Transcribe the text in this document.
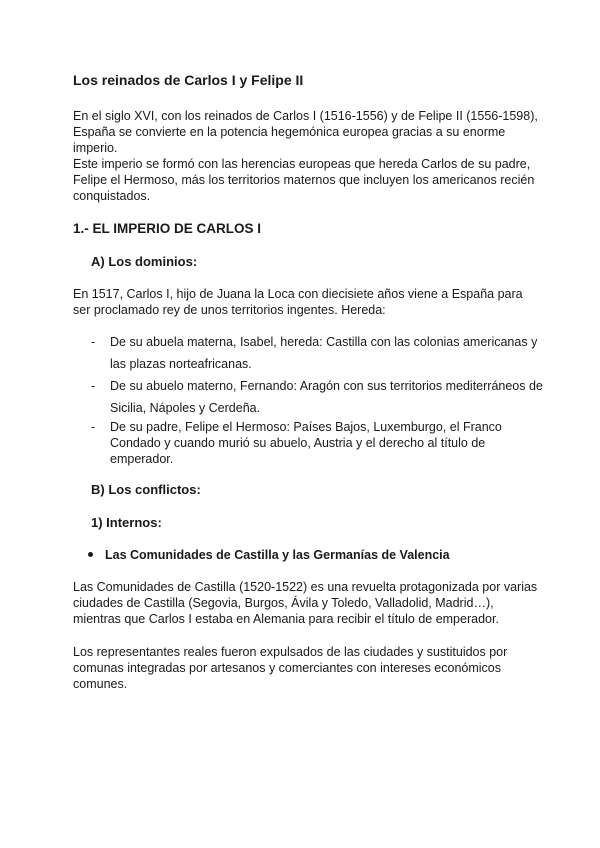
Los reinados de Carlos I y Felipe II

En el siglo XVI, con los reinados de Carlos I (1516-1556) y de Felipe II (1556-1598), España se convierte en la potencia hegemónica europea gracias a su enorme imperio.

Este imperio se formó con las herencias europeas que hereda Carlos de su padre, Felipe el Hermoso, más los territorios maternos que incluyen los americanos recién conquistados.

1.- EL IMPERIO DE CARLOS I
A) Los dominios:

En 1517, Carlos I, hijo de Juana la Loca con diecisiete años viene a España para ser proclamado rey de unos territorios ingentes. Hereda:

- De su abuela materna, Isabel, hereda: Castilla con las colonias americanas y las plazas norteafricanas.
- De su abuelo materno, Fernando: Aragón con sus territorios mediterráneos de Sicilia, Nápoles y Cerdeña.
- De su padre, Felipe el Hermoso: Países Bajos, Luxemburgo, el Franco Condado y cuando murió su abuelo, Austria y el derecho al título de emperador.
B) Los conflictos:
1) Internos:
Las Comunidades de Castilla y las Germanías de Valencia

Las Comunidades de Castilla (1520-1522) es una revuelta protagonizada por varias ciudades de Castilla (Segovia, Burgos, Ávila y Toledo, Valladolid, Madrid…), mientras que Carlos I estaba en Alemania para recibir el título de emperador.

Los representantes reales fueron expulsados de las ciudades y sustituidos por comunas integradas por artesanos y comerciantes con intereses económicos comunes.
